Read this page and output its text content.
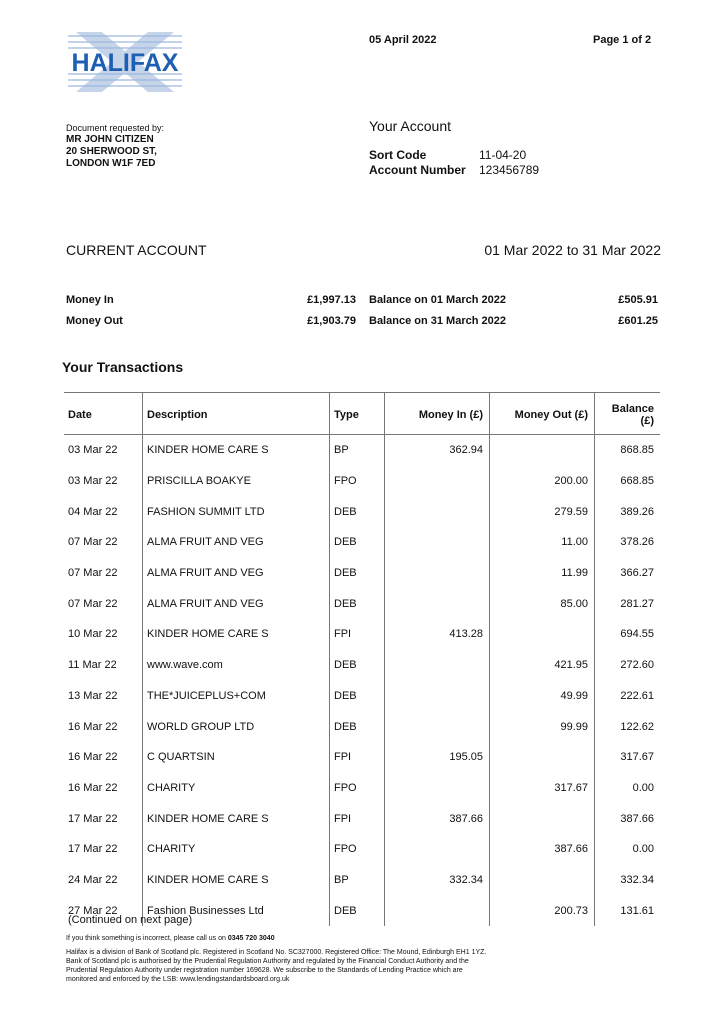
HALIFAX
05 April 2022	Page 1 of 2
Document requested by:
MR JOHN CITIZEN
20 SHERWOOD ST,
LONDON W1F 7ED
Your Account
Sort Code	11-04-20
Account Number 123456789
CURRENT ACCOUNT	01 Mar 2022 to 31 Mar 2022
Money In	£1,997.13
Money Out	£1,903.79
Balance on 01 March 2022	£505.91
Balance on 31 March 2022	£601.25
Your Transactions
Date	Description	Type	Money In (£)	Money Out (£)	Balance (£)
03 Mar 22	KINDER HOME CARE S	BP	362.94		868.85
03 Mar 22	PRISCILLA BOAKYE	FPO		200.00	668.85
04 Mar 22	FASHION SUMMIT LTD	DEB		279.59	389.26
07 Mar 22	ALMA FRUIT AND VEG	DEB		11.00	378.26
07 Mar 22	ALMA FRUIT AND VEG	DEB		11.99	366.27
07 Mar 22	ALMA FRUIT AND VEG	DEB		85.00	281.27
10 Mar 22	KINDER HOME CARE S	FPI	413.28		694.55
11 Mar 22	www.wave.com	DEB		421.95	272.60
13 Mar 22	THE*JUICEPLUS+COM	DEB		49.99	222.61
16 Mar 22	WORLD GROUP LTD	DEB		99.99	122.62
16 Mar 22	C QUARTSIN	FPI	195.05		317.67
16 Mar 22	CHARITY	FPO		317.67	0.00
17 Mar 22	KINDER HOME CARE S	FPI	387.66		387.66
17 Mar 22	CHARITY	FPO		387.66	0.00
24 Mar 22	KINDER HOME CARE S	BP	332.34		332.34
27 Mar 22	Fashion Businesses Ltd	DEB		200.73	131.61
(Continued on next page)
If you think something is incorrect, please call us on 0345 720 3040
Halifax is a division of Bank of Scotland plc. Registered in Scotland No. SC327000. Registered Office: The Mound, Edinburgh EH1 1YZ.
Bank of Scotland plc is authorised by the Prudential Regulation Authority and regulated by the Financial Conduct Authority and the
Prudential Regulation Authority under registration number 169628. We subscribe to the Standards of Lending Practice which are
monitored and enforced by the LSB: www.lendingstandardsboard.org.uk
